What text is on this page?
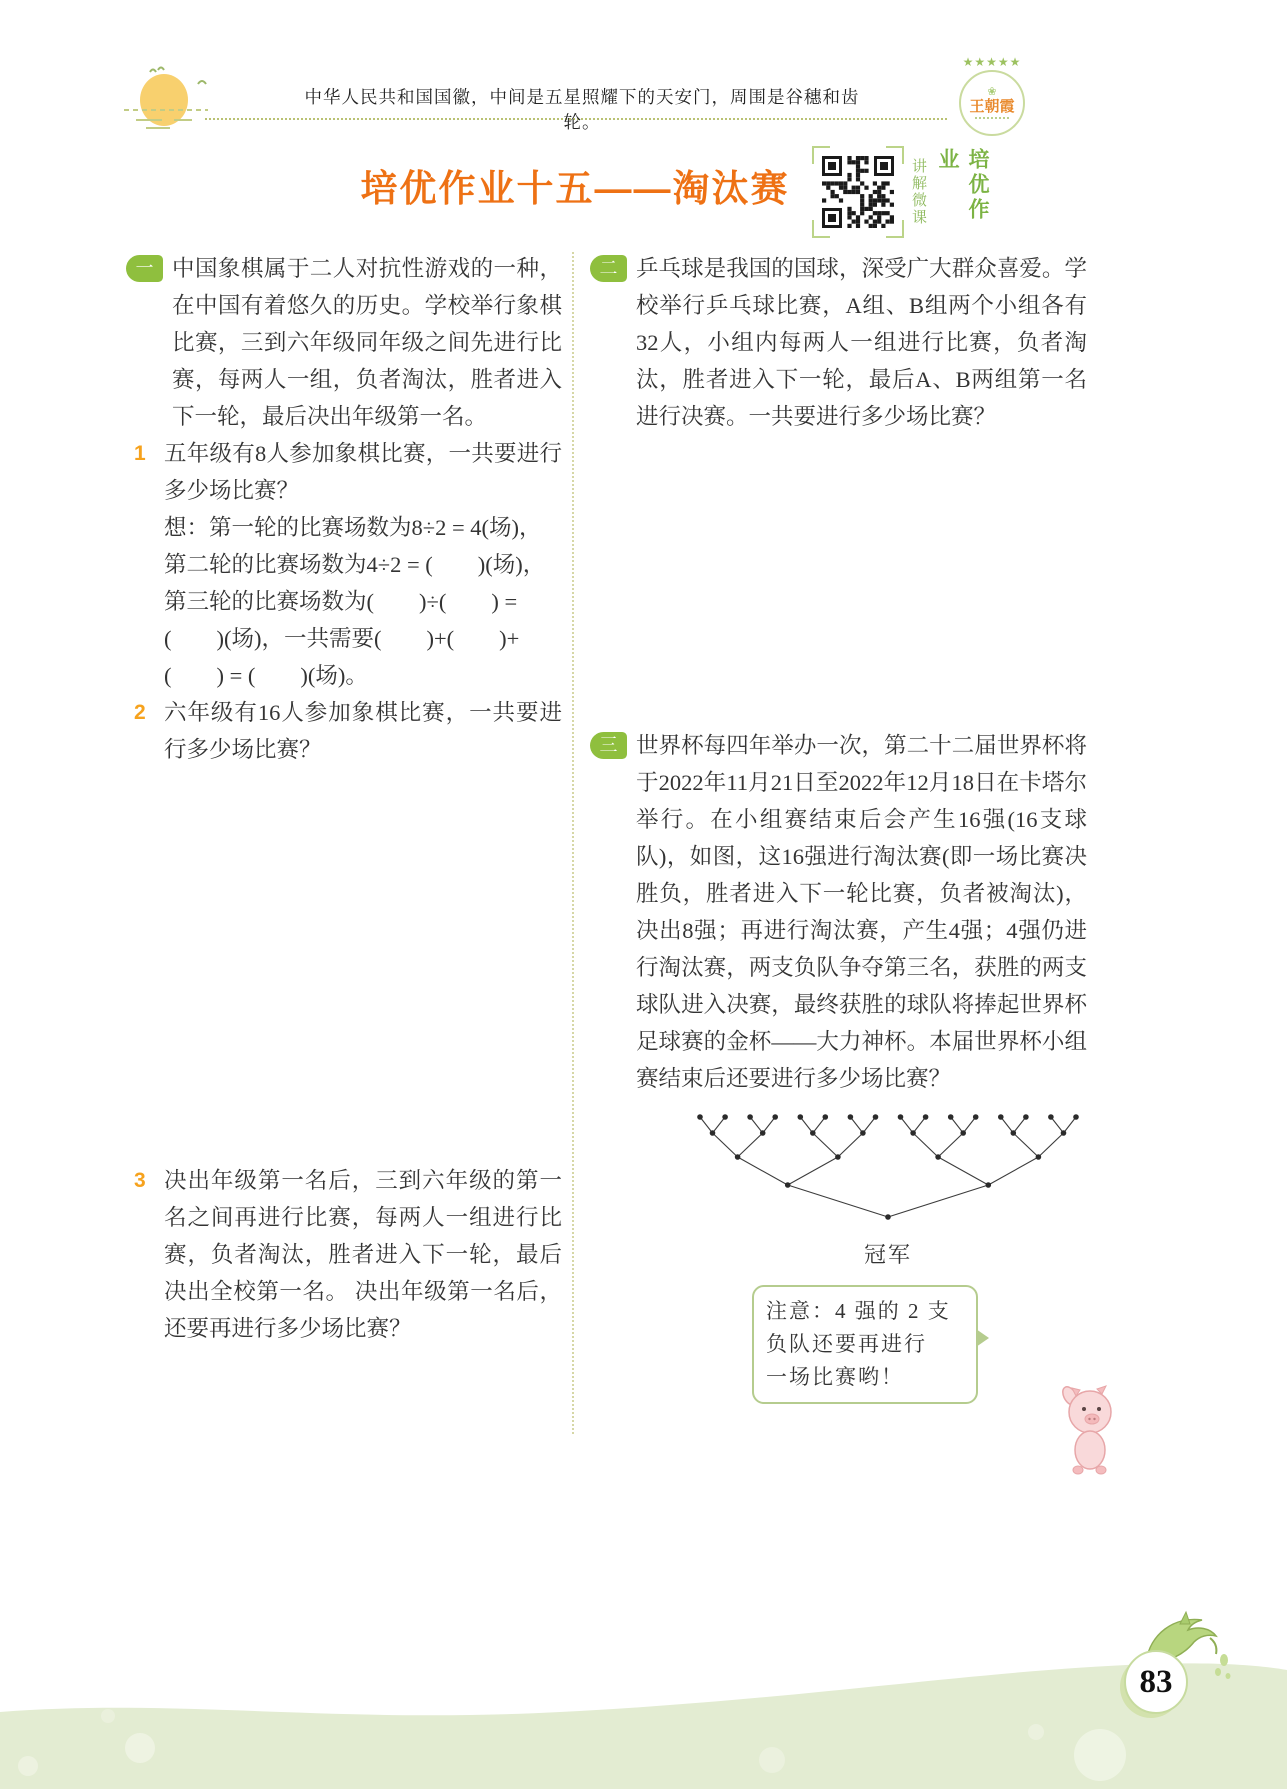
中华人民共和国国徽，中间是五星照耀下的天安门，周围是谷穗和齿轮。
★★★★★
❀
王朝霞
培优作业十五——淘汰赛	讲解微课	培优作业
一 中国象棋属于二人对抗性游戏的一种，在中国有着悠久的历史。学校举行象棋比赛，三到六年级同年级之间先进行比赛，每两人一组，负者淘汰，胜者进入下一轮，最后决出年级第一名。
1 五年级有8人参加象棋比赛，一共要进行多少场比赛？
想：第一轮的比赛场数为8÷2 = 4(场)，
第二轮的比赛场数为4÷2 = (　　)(场)，
第三轮的比赛场数为(　　)÷(　　) =
(　　)(场)，一共需要(　　)+(　　)+
(　　) = (　　)(场)。
2 六年级有16人参加象棋比赛，一共要进行多少场比赛？
3 决出年级第一名后，三到六年级的第一名之间再进行比赛，每两人一组进行比赛，负者淘汰，胜者进入下一轮，最后决出全校第一名。 决出年级第一名后，还要再进行多少场比赛？
二 乒乓球是我国的国球，深受广大群众喜爱。学校举行乒乓球比赛，A组、B组两个小组各有32人，小组内每两人一组进行比赛，负者淘汰，胜者进入下一轮，最后A、B两组第一名进行决赛。一共要进行多少场比赛？
三 世界杯每四年举办一次，第二十二届世界杯将于2022年11月21日至2022年12月18日在卡塔尔举行。在小组赛结束后会产生16强(16支球队)，如图，这16强进行淘汰赛(即一场比赛决胜负，胜者进入下一轮比赛，负者被淘汰)，决出8强；再进行淘汰赛，产生4强；4强仍进行淘汰赛，两支负队争夺第三名，获胜的两支球队进入决赛，最终获胜的球队将捧起世界杯足球赛的金杯——大力神杯。本届世界杯小组赛结束后还要进行多少场比赛？
冠军
注意：4 强的 2 支
负队还要再进行
一场比赛哟！
83
